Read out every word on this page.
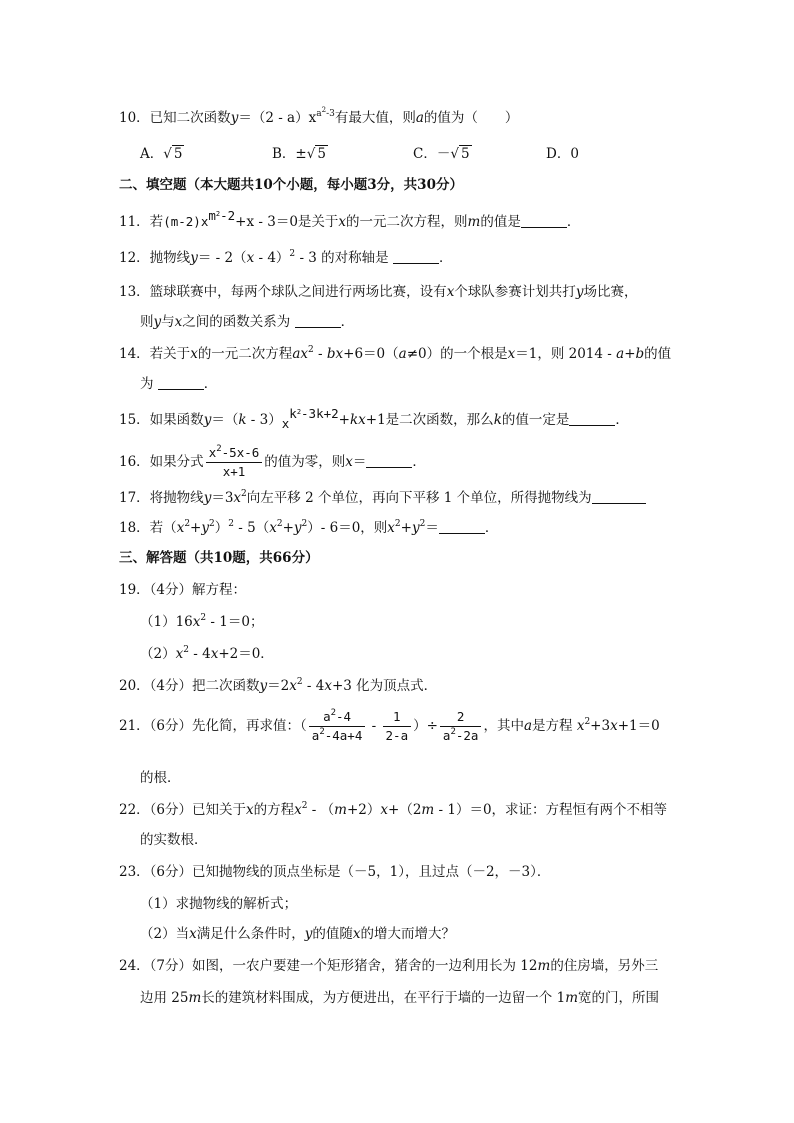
10．已知二次函数$y=(2 - a)x^{a^2-3}$有最大值，则a的值为（　　）
A．√ 5	B．±√ 5	C．－√ 5	D．0
二、填空题（本大题共10个小题，每小题3分，共30分）
11．若$(m-2)x^{m^2-2}+x - 3=0$是关于x的一元二次方程，则m的值是	．
12．抛物线y＝ - 2（x - 4）$^2$ - 3 的对称轴是	．
13．篮球联赛中，每两个球队之间进行两场比赛，设有x个球队参赛计划共打y场比赛，
则y与x之间的函数关系为	．
14．若关于x的一元二次方程$ax^2 - bx+6=0(a\ne 0)$的一个根是x＝1，则 2014 - a+b的值
为	．
15．如果函数$y=(k - 3)x^{k^2-3k+2}+kx+1$是二次函数，那么k的值一定是	．
16．如果分式 $\frac{x^2-5x-6}{x+1}$ 的值为零，则x＝	．
17．将抛物线$y=3x^2$向左平移 2 个单位，再向下平移 1 个单位，所得抛物线为
18．若$(x^2+y^2)^2 - 5(x^2+y^2)-$ 6＝0，则$x^2+y^2=$	．
三、解答题（共10题，共66分）
19．（4分）解方程：
$(1)16x^2 - 1=0$；
$(2)x^2 - 4x+2=0$．
20．（4分）把二次函数$y=2x^2 - 4x+3$ 化为顶点式．
21．（6分）先化简，再求值：（ $\frac{a^2-4}{a^2-4a+4} - \frac{1}{2-a}$ ）÷ $\frac{2}{a^2-2a}$ ，其中a是方程 $x^2+3x+1=0$
的根．
22．（6分）已知关于x的方程$x^2 - (m+2)x+(2m - 1)=0$，求证：方程恒有两个不相等
的实数根．
23．（6分）已知抛物线的顶点坐标是（－5，1），且过点（－2，－3）．
（1）求抛物线的解析式；
（2）当x满足什么条件时，y的值随x的增大而增大？
24．（7分）如图，一农户要建一个矩形猪舍，猪舍的一边利用长为 12m的住房墙，另外三
边用 25m长的建筑材料围成，为方便进出，在平行于墙的一边留一个 1m宽的门，所围
